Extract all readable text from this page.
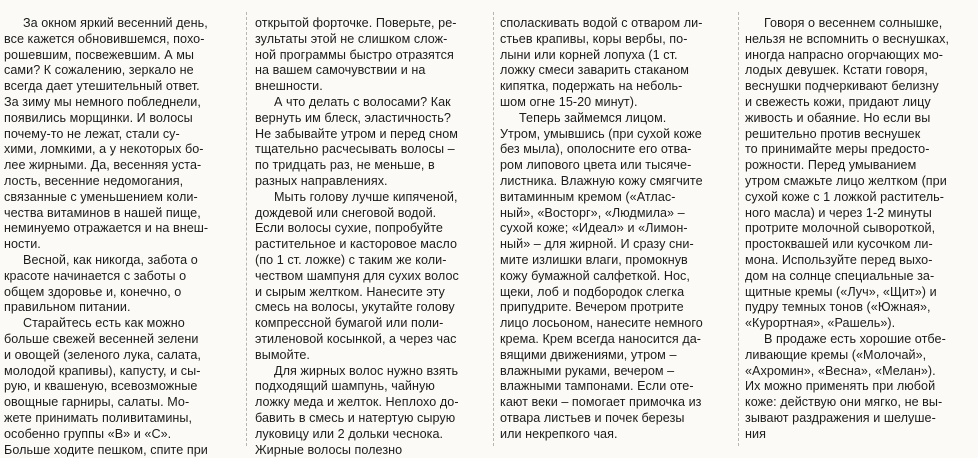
  За окном яркий весенний день,
все кажется обновившемся, похо-
рошевшим, посвежевшим. А мы
сами? К сожалению, зеркало не
всегда дает утешительный ответ.
За зиму мы немного побледнели,
появились морщинки. И волосы
почему-то не лежат, стали су-
хими, ломкими, а у некоторых бо-
лее жирными. Да, весенняя уста-
лость, весенние недомогания,
связанные с уменьшением коли-
чества витаминов в нашей пище,
неминуемо отражается и на внеш-
ности.
  Весной, как никогда, забота о
красоте начинается с заботы о
общем здоровье и, конечно, о
правильном питании.
  Старайтесь есть как можно
больше свежей весенней зелени
и овощей (зеленого лука, салата,
молодой крапивы), капусту, и сы-
рую, и квашеную, всевозможные
овощные гарниры, салаты. Мо-
жете принимать поливитамины,
особенно группы «В» и «С».
Больше ходите пешком, спите при
открытой форточке. Поверьте, ре-
зультаты этой не слишком слож-
ной программы быстро отразятся
на вашем самочувствии и на
внешности.
  А что делать с волосами? Как
вернуть им блеск, эластичность?
Не забывайте утром и перед сном
тщательно расчесывать волосы –
по тридцать раз, не меньше, в
разных направлениях.
  Мыть голову лучше кипяченой,
дождевой или снеговой водой.
Если волосы сухие, попробуйте
растительное и касторовое масло
(по 1 ст. ложке) с таким же коли-
чеством шампуня для сухих волос
и сырым желтком. Нанесите эту
смесь на волосы, укутайте голову
компрессной бумагой или поли-
этиленовой косынкой, а через час
вымойте.
  Для жирных волос нужно взять
подходящий шампунь, чайную
ложку меда и желток. Неплохо до-
бавить в смесь и натертую сырую
луковицу или 2 дольки чеснока.
Жирные волосы полезно
споласкивать водой с отваром ли-
стьев крапивы, коры вербы, по-
лыни или корней лопуха (1 ст.
ложку смеси заварить стаканом
кипятка, подержать на неболь-
шом огне 15-20 минут).
  Теперь займемся лицом.
Утром, умывшись (при сухой коже
без мыла), ополосните его отва-
ром липового цвета или тысяче-
листника. Влажную кожу смягчите
витаминным кремом («Атлас-
ный», «Восторг», «Людмила» –
сухой коже; «Идеал» и «Лимон-
ный» – для жирной. И сразу сни-
мите излишки влаги, промокнув
кожу бумажной салфеткой. Нос,
щеки, лоб и подбородок слегка
припудрите. Вечером протрите
лицо лосьоном, нанесите немного
крема. Крем всегда наносится да-
вящими движениями, утром –
влажными руками, вечером –
влажными тампонами. Если оте-
кают веки – помогает примочка из
отвара листьев и почек березы
или некрепкого чая.
  Говоря о весеннем солнышке,
нельзя не вспомнить о веснушках,
иногда напрасно огорчающих мо-
лодых девушек. Кстати говоря,
веснушки подчеркивают белизну
и свежесть кожи, придают лицу
живость и обаяние. Но если вы
решительно против веснушек
то принимайте меры предосто-
рожности. Перед умыванием
утром смажьте лицо желтком (при
сухой коже с 1 ложкой раститель-
ного масла) и через 1-2 минуты
протрите молочной сывороткой,
простоквашей или кусочком ли-
мона. Используйте перед выхо-
дом на солнце специальные за-
щитные кремы («Луч», «Щит») и
пудру темных тонов («Южная»,
«Курортная», «Рашель»).
  В продаже есть хорошие отбе-
ливающие кремы («Молочай»,
«Ахромин», «Весна», «Мелан»).
Их можно применять при любой
коже: действую они мягко, не вы-
зывают раздражения и шелуше-
ния
